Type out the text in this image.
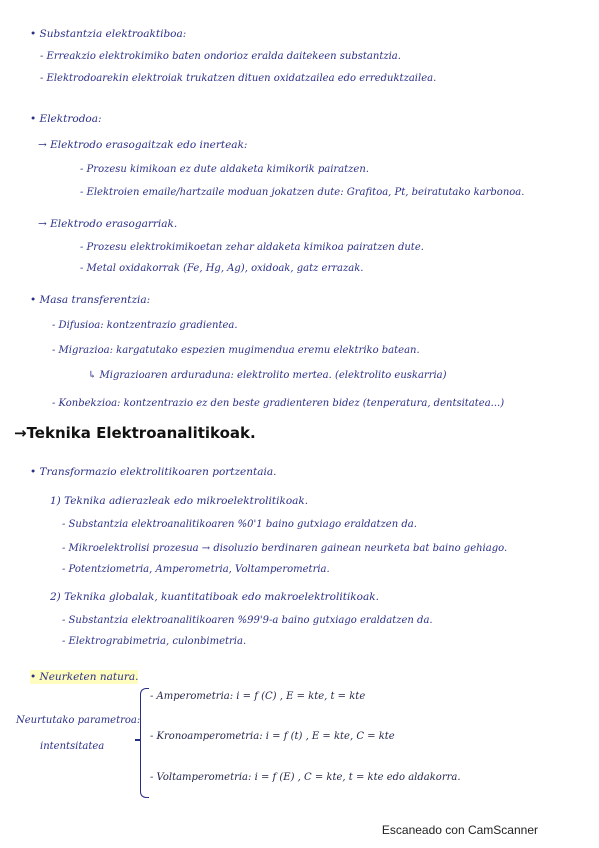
• Substantzia elektroaktiboa:
- Erreakzio elektrokimiko baten ondorioz eralda daitekeen substantzia.
- Elektrodoarekin elektroiak trukatzen dituen oxidatzailea edo erreduktzailea.
• Elektrodoa:
→ Elektrodo erasogaitzak edo inerteak:
- Prozesu kimikoan ez dute aldaketa kimikorik pairatzen.
- Elektroien emaile/hartzaile moduan jokatzen dute: Grafitoa, Pt, beiratutako karbonoa.
→ Elektrodo erasogarriak.
- Prozesu elektrokimikoetan zehar aldaketa kimikoa pairatzen dute.
- Metal oxidakorrak (Fe, Hg, Ag), oxidoak, gatz errazak.
• Masa transferentzia:
- Difusioa: kontzentrazio gradientea.
- Migrazioa: kargatutako espezien mugimendua eremu elektriko batean.
↳ Migrazioaren arduraduna: elektrolito mertea. (elektrolito euskarria)
- Konbekzioa: kontzentrazio ez den beste gradienteren bidez (tenperatura, dentsitatea...)
→Teknika Elektroanalitikoak.
• Transformazio elektrolitikoaren portzentaia.
1) Teknika adierazleak edo mikroelektrolitikoak.
- Substantzia elektroanalitikoaren %0'1 baino gutxiago eraldatzen da.
- Mikroelektrolisi prozesua → disoluzio berdinaren gainean neurketa bat baino gehiago.
- Potentziometria, Amperometria, Voltamperometria.
2) Teknika globalak, kuantitatiboak edo makroelektrolitikoak.
- Substantzia elektroanalitikoaren %99'9-a baino gutxiago eraldatzen da.
- Elektrograbimetria, culonbimetria.
• Neurketen natura.
Neurtutako parametroa:
intentsitatea
- Amperometria: i = f (C) , E = kte, t = kte
- Kronoamperometria: i = f (t) , E = kte, C = kte
- Voltamperometria: i = f (E) , C = kte, t = kte edo aldakorra.
Escaneado con CamScanner
